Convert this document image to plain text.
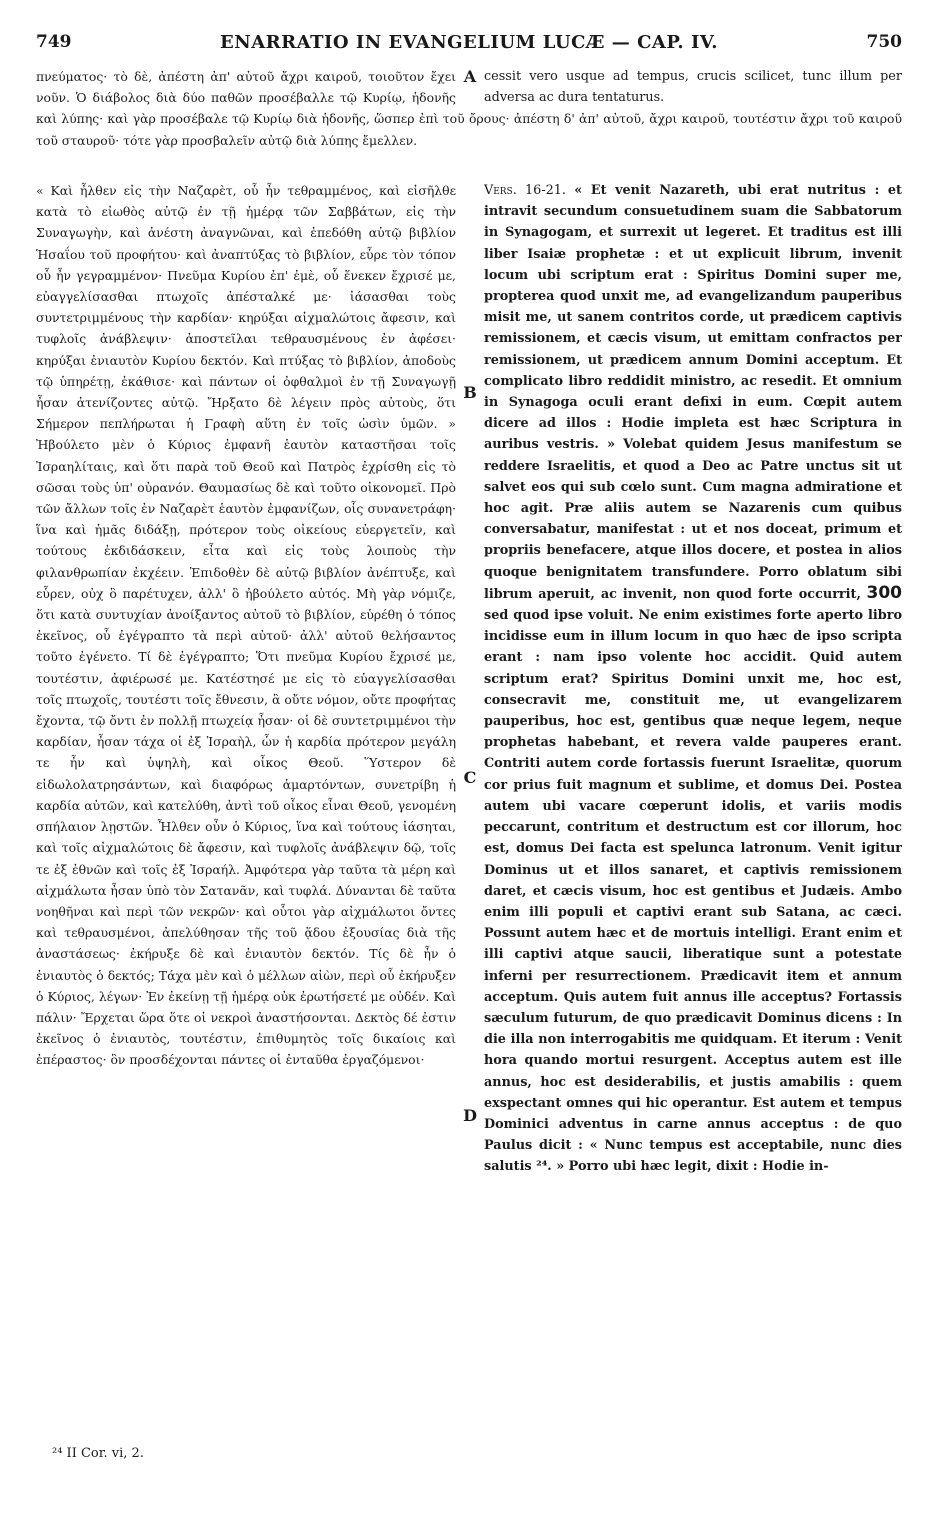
749	ENARRATIO IN EVANGELIUM LUCÆ — CAP. IV.	750

πνεύματος· τὸ δὲ, ἀπέστη ἀπ' αὐτοῦ ἄχρι καιροῦ, τοιοῦτον ἔχει νοῦν. Ὁ διάβολος διὰ δύο παθῶν προσέβαλλε τῷ Κυρίῳ, ἡδονῆς καὶ λύπης· καὶ γὰρ προσέβαλε τῷ Κυρίῳ διὰ ἡδονῆς, ὥσπερ ἐπὶ τοῦ ὄρους· ἀπέστη δ' ἀπ' αὐτοῦ, ἄχρι καιροῦ, τουτέστιν ἄχρι τοῦ καιροῦ τοῦ σταυροῦ· τότε γὰρ προσβαλεῖν αὐτῷ διὰ λύπης ἔμελλεν.

cessit vero usque ad tempus, crucis scilicet, tunc illum per adversa ac dura tentaturus.

A
B
C
D

« Καὶ ἦλθεν εἰς τὴν Ναζαρὲτ, οὗ ἦν τεθραμμένος, καὶ εἰσῆλθε κατὰ τὸ εἰωθὸς αὐτῷ ἐν τῇ ἡμέρᾳ τῶν Σαββάτων, εἰς τὴν Συναγωγὴν, καὶ ἀνέστη ἀναγνῶναι, καὶ ἐπεδόθη αὐτῷ βιβλίον Ἡσαΐου τοῦ προφήτου· καὶ ἀναπτύξας τὸ βιβλίον, εὗρε τὸν τόπον οὗ ἦν γεγραμμένον· Πνεῦμα Κυρίου ἐπ' ἐμὲ, οὗ ἕνεκεν ἔχρισέ με, εὐαγγελίσασθαι πτωχοῖς ἀπέσταλκέ με· ἰάσασθαι τοὺς συντετριμμένους τὴν καρδίαν· κηρύξαι αἰχμαλώτοις ἄφεσιν, καὶ τυφλοῖς ἀνάβλεψιν· ἀποστεῖλαι τεθραυσμένους ἐν ἀφέσει· κηρύξαι ἐνιαυτὸν Κυρίου δεκτόν. Καὶ πτύξας τὸ βιβλίον, ἀποδοὺς τῷ ὑπηρέτῃ, ἐκάθισε· καὶ πάντων οἱ ὀφθαλμοὶ ἐν τῇ Συναγωγῇ ἦσαν ἀτενίζοντες αὐτῷ. Ἤρξατο δὲ λέγειν πρὸς αὐτοὺς, ὅτι Σήμερον πεπλήρωται ἡ Γραφὴ αὕτη ἐν τοῖς ὠσὶν ὑμῶν. » Ἠβούλετο μὲν ὁ Κύριος ἐμφανῆ ἑαυτὸν καταστῆσαι τοῖς Ἰσραηλίταις, καὶ ὅτι παρὰ τοῦ Θεοῦ καὶ Πατρὸς ἐχρίσθη εἰς τὸ σῶσαι τοὺς ὑπ' οὐρανόν. Θαυμασίως δὲ καὶ τοῦτο οἰκονομεῖ. Πρὸ τῶν ἄλλων τοῖς ἐν Ναζαρὲτ ἑαυτὸν ἐμφανίζων, οἷς συνανετράφη· ἵνα καὶ ἡμᾶς διδάξῃ, πρότερον τοὺς οἰκείους εὐεργετεῖν, καὶ τούτους ἐκδιδάσκειν, εἶτα καὶ εἰς τοὺς λοιποὺς τὴν φιλανθρωπίαν ἐκχέειν. Ἐπιδοθὲν δὲ αὐτῷ βιβλίον ἀνέπτυξε, καὶ εὗρεν, οὐχ ὃ παρέτυχεν, ἀλλ' ὃ ἠβούλετο αὐτός. Μὴ γὰρ νόμιζε, ὅτι κατὰ συντυχίαν ἀνοίξαντος αὐτοῦ τὸ βιβλίον, εὑρέθη ὁ τόπος ἐκεῖνος, οὗ ἐγέγραπτο τὰ περὶ αὐτοῦ· ἀλλ' αὐτοῦ θελήσαντος τοῦτο ἐγένετο. Τί δὲ ἐγέγραπτο; Ὅτι πνεῦμα Κυρίου ἔχρισέ με, τουτέστιν, ἀφιέρωσέ με. Κατέστησέ με εἰς τὸ εὐαγγελίσασθαι τοῖς πτωχοῖς, τουτέστι τοῖς ἔθνεσιν, ἃ οὔτε νόμον, οὔτε προφήτας ἔχοντα, τῷ ὄντι ἐν πολλῇ πτωχείᾳ ἦσαν· οἱ δὲ συντετριμμένοι τὴν καρδίαν, ἦσαν τάχα οἱ ἐξ Ἰσραὴλ, ὧν ἡ καρδία πρότερον μεγάλη τε ἦν καὶ ὑψηλὴ, καὶ οἶκος Θεοῦ. Ὕστερον δὲ εἰδωλολατρησάντων, καὶ διαφόρως ἁμαρτόντων, συνετρίβη ἡ καρδία αὐτῶν, καὶ κατελύθη, ἀντὶ τοῦ οἶκος εἶναι Θεοῦ, γενομένη σπήλαιον λῃστῶν. Ἦλθεν οὖν ὁ Κύριος, ἵνα καὶ τούτους ἰάσηται, καὶ τοῖς αἰχμαλώτοις δὲ ἄφεσιν, καὶ τυφλοῖς ἀνάβλεψιν δῷ, τοῖς τε ἐξ ἐθνῶν καὶ τοῖς ἐξ Ἰσραήλ. Ἀμφότερα γὰρ ταῦτα τὰ μέρη καὶ αἰχμάλωτα ἦσαν ὑπὸ τὸν Σατανᾶν, καὶ τυφλά. Δύνανται δὲ ταῦτα νοηθῆναι καὶ περὶ τῶν νεκρῶν· καὶ οὗτοι γὰρ αἰχμάλωτοι ὄντες καὶ τεθραυσμένοι, ἀπελύθησαν τῆς τοῦ ᾅδου ἐξουσίας διὰ τῆς ἀναστάσεως· ἐκήρυξε δὲ καὶ ἐνιαυτὸν δεκτόν. Τίς δὲ ἦν ὁ ἐνιαυτὸς ὁ δεκτός; Τάχα μὲν καὶ ὁ μέλλων αἰὼν, περὶ οὗ ἐκήρυξεν ὁ Κύριος, λέγων· Ἐν ἐκείνῃ τῇ ἡμέρᾳ οὐκ ἐρωτήσετέ με οὐδέν. Καὶ πάλιν· Ἔρχεται ὥρα ὅτε οἱ νεκροὶ ἀναστήσονται. Δεκτὸς δέ ἐστιν ἐκεῖνος ὁ ἐνιαυτὸς, τουτέστιν, ἐπιθυμητὸς τοῖς δικαίοις καὶ ἐπέραστος· ὃν προσδέχονται πάντες οἱ ἐνταῦθα ἐργαζόμενοι·

Vers. 16-21. « Et venit Nazareth, ubi erat nutritus : et intravit secundum consuetudinem suam die Sabbatorum in Synagogam, et surrexit ut legeret. Et traditus est illi liber Isaiæ prophetæ : et ut explicuit librum, invenit locum ubi scriptum erat : Spiritus Domini super me, propterea quod unxit me, ad evangelizandum pauperibus misit me, ut sanem contritos corde, ut prædicem captivis remissionem, et cæcis visum, ut emittam confractos per remissionem, ut prædicem annum Domini acceptum. Et complicato libro reddidit ministro, ac resedit. Et omnium in Synagoga oculi erant defixi in eum. Cœpit autem dicere ad illos : Hodie impleta est hæc Scriptura in auribus vestris. » Volebat quidem Jesus manifestum se reddere Israelitis, et quod a Deo ac Patre unctus sit ut salvet eos qui sub cœlo sunt. Cum magna admiratione et hoc agit. Præ aliis autem se Nazarenis cum quibus conversabatur, manifestat : ut et nos doceat, primum et propriis benefacere, atque illos docere, et postea in alios quoque benignitatem transfundere. Porro oblatum sibi librum aperuit, ac invenit, non quod forte occurrit, 300 sed quod ipse voluit. Ne enim existimes forte aperto libro incidisse eum in illum locum in quo hæc de ipso scripta erant : nam ipso volente hoc accidit. Quid autem scriptum erat? Spiritus Domini unxit me, hoc est, consecravit me, constituit me, ut evangelizarem pauperibus, hoc est, gentibus quæ neque legem, neque prophetas habebant, et revera valde pauperes erant. Contriti autem corde fortassis fuerunt Israelitæ, quorum cor prius fuit magnum et sublime, et domus Dei. Postea autem ubi vacare cœperunt idolis, et variis modis peccarunt, contritum et destructum est cor illorum, hoc est, domus Dei facta est spelunca latronum. Venit igitur Dominus ut et illos sanaret, et captivis remissionem daret, et cæcis visum, hoc est gentibus et Judæis. Ambo enim illi populi et captivi erant sub Satana, ac cæci. Possunt autem hæc et de mortuis intelligi. Erant enim et illi captivi atque saucii, liberatique sunt a potestate inferni per resurrectionem. Prædicavit item et annum acceptum. Quis autem fuit annus ille acceptus? Fortassis sæculum futurum, de quo prædicavit Dominus dicens : In die illa non interrogabitis me quidquam. Et iterum : Venit hora quando mortui resurgent. Acceptus autem est ille annus, hoc est desiderabilis, et justis amabilis : quem exspectant omnes qui hic operantur. Est autem et tempus Dominici adventus in carne annus acceptus : de quo Paulus dicit : « Nunc tempus est acceptabile, nunc dies salutis ²⁴. » Porro ubi hæc legit, dixit : Hodie in-

²⁴ II Cor. vi, 2.
